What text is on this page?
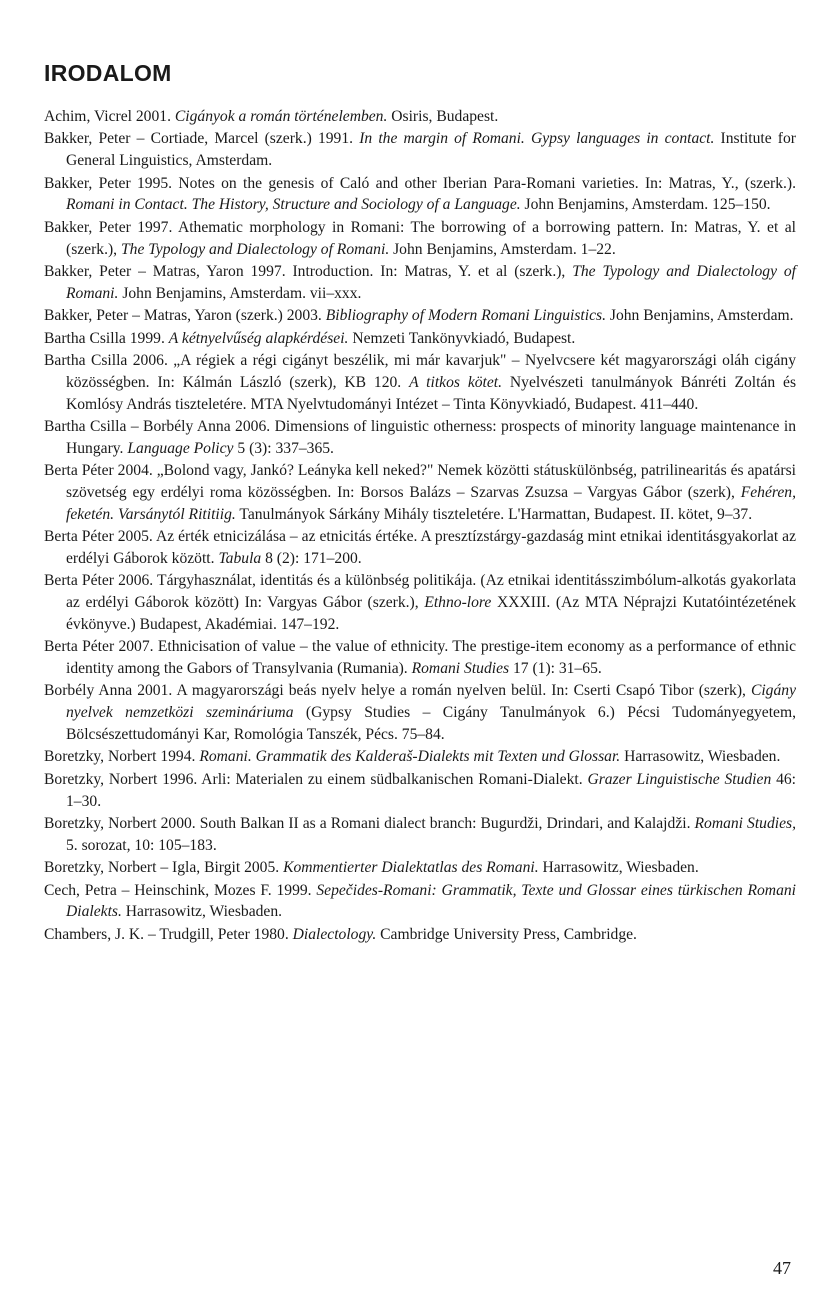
IRODALOM
Achim, Vicrel 2001. Cigányok a román történelemben. Osiris, Budapest.
Bakker, Peter – Cortiade, Marcel (szerk.) 1991. In the margin of Romani. Gypsy languages in contact. Institute for General Linguistics, Amsterdam.
Bakker, Peter 1995. Notes on the genesis of Caló and other Iberian Para-Romani varieties. In: Matras, Y., (szerk.). Romani in Contact. The History, Structure and Sociology of a Language. John Benjamins, Amsterdam. 125–150.
Bakker, Peter 1997. Athematic morphology in Romani: The borrowing of a borrowing pattern. In: Matras, Y. et al (szerk.), The Typology and Dialectology of Romani. John Benjamins, Amsterdam. 1–22.
Bakker, Peter – Matras, Yaron 1997. Introduction. In: Matras, Y. et al (szerk.), The Typology and Dialectology of Romani. John Benjamins, Amsterdam. vii–xxx.
Bakker, Peter – Matras, Yaron (szerk.) 2003. Bibliography of Modern Romani Linguistics. John Benjamins, Amsterdam.
Bartha Csilla 1999. A kétnyelvűség alapkérdései. Nemzeti Tankönyvkiadó, Budapest.
Bartha Csilla 2006. „A régiek a régi cigányt beszélik, mi már kavarjuk" – Nyelvcsere két magyarországi oláh cigány közösségben. In: Kálmán László (szerk), KB 120. A titkos kötet. Nyelvészeti tanulmányok Bánréti Zoltán és Komlósy András tiszteletére. MTA Nyelvtudományi Intézet – Tinta Könyvkiadó, Budapest. 411–440.
Bartha Csilla – Borbély Anna 2006. Dimensions of linguistic otherness: prospects of minority language maintenance in Hungary. Language Policy 5 (3): 337–365.
Berta Péter 2004. „Bolond vagy, Jankó? Leányka kell neked?" Nemek közötti státuskülönbség, patrilinearitás és apatársi szövetség egy erdélyi roma közösségben. In: Borsos Balázs – Szarvas Zsuzsa – Vargyas Gábor (szerk), Fehéren, feketén. Varsánytól Rititiig. Tanulmányok Sárkány Mihály tiszteletére. L'Harmattan, Budapest. II. kötet, 9–37.
Berta Péter 2005. Az érték etnicizálása – az etnicitás értéke. A presztízstárgy-gazdaság mint etnikai identitásgyakorlat az erdélyi Gáborok között. Tabula 8 (2): 171–200.
Berta Péter 2006. Tárgyhasználat, identitás és a különbség politikája. (Az etnikai identitásszimbólum-alkotás gyakorlata az erdélyi Gáborok között) In: Vargyas Gábor (szerk.), Ethno-lore XXXIII. (Az MTA Néprajzi Kutatóintézetének évkönyve.) Budapest, Akadémiai. 147–192.
Berta Péter 2007. Ethnicisation of value – the value of ethnicity. The prestige-item economy as a performance of ethnic identity among the Gabors of Transylvania (Rumania). Romani Studies 17 (1): 31–65.
Borbély Anna 2001. A magyarországi beás nyelv helye a román nyelven belül. In: Cserti Csapó Tibor (szerk), Cigány nyelvek nemzetközi szemináriuma (Gypsy Studies – Cigány Tanulmányok 6.) Pécsi Tudományegyetem, Bölcsészettudományi Kar, Romológia Tanszék, Pécs. 75–84.
Boretzky, Norbert 1994. Romani. Grammatik des Kalderaš-Dialekts mit Texten und Glossar. Harrasowitz, Wiesbaden.
Boretzky, Norbert 1996. Arli: Materialen zu einem südbalkanischen Romani-Dialekt. Grazer Linguistische Studien 46: 1–30.
Boretzky, Norbert 2000. South Balkan II as a Romani dialect branch: Bugurdži, Drindari, and Kalajdži. Romani Studies, 5. sorozat, 10: 105–183.
Boretzky, Norbert – Igla, Birgit 2005. Kommentierter Dialektatlas des Romani. Harrasowitz, Wiesbaden.
Cech, Petra – Heinschink, Mozes F. 1999. Sepečides-Romani: Grammatik, Texte und Glossar eines türkischen Romani Dialekts. Harrasowitz, Wiesbaden.
Chambers, J. K. – Trudgill, Peter 1980. Dialectology. Cambridge University Press, Cambridge.
47
